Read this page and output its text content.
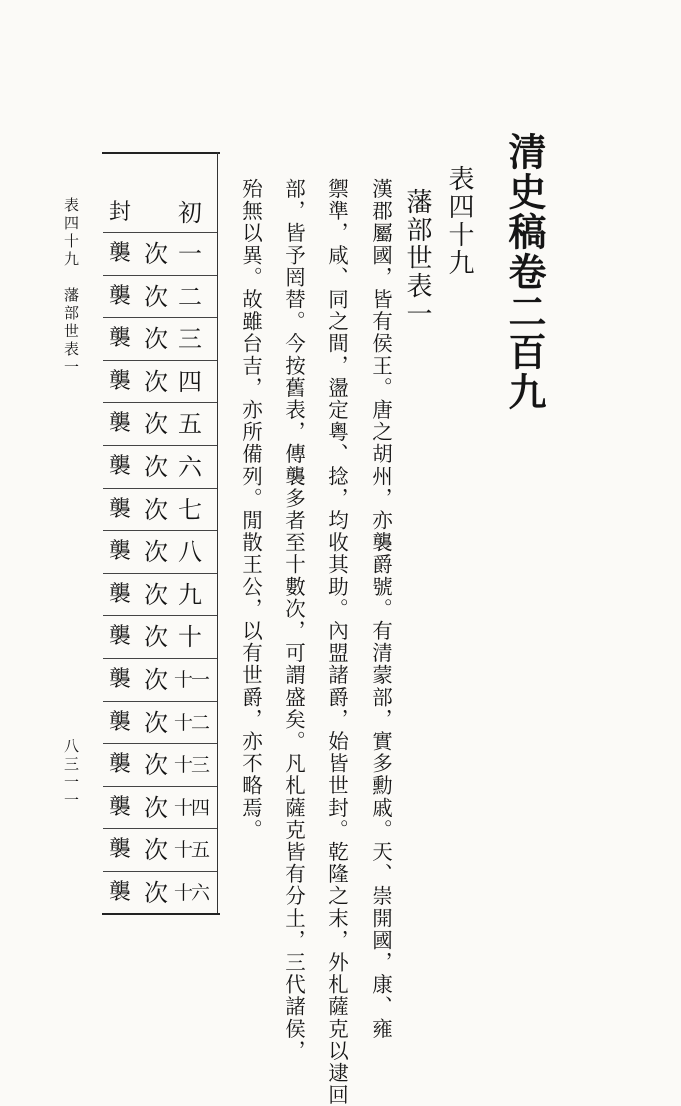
清史稿卷二百九
表四十九
藩部世表一
漢郡屬國，皆有侯王。唐之胡州，亦襲爵號。有清蒙部，實多勳戚。天、崇開國，康、雍
禦準，咸、同之間，盪定粵、捻，均收其助。內盟諸爵，始皆世封。乾隆之末，外札薩克以逮回
部，皆予罔替。今按舊表，傳襲多者至十數次，可謂盛矣。凡札薩克皆有分土，三代諸侯，
殆無以異。故雖台吉，亦所備列。閒散王公，以有世爵，亦不略焉。
初
封
一
次
襲
二
次
襲
三
次
襲
四
次
襲
五
次
襲
六
次
襲
七
次
襲
八
次
襲
九
次
襲
十
次
襲
十一
次
襲
十二
次
襲
十三
次
襲
十四
次
襲
十五
次
襲
十六
次
襲
表四十九　藩部世表一
八三一一
